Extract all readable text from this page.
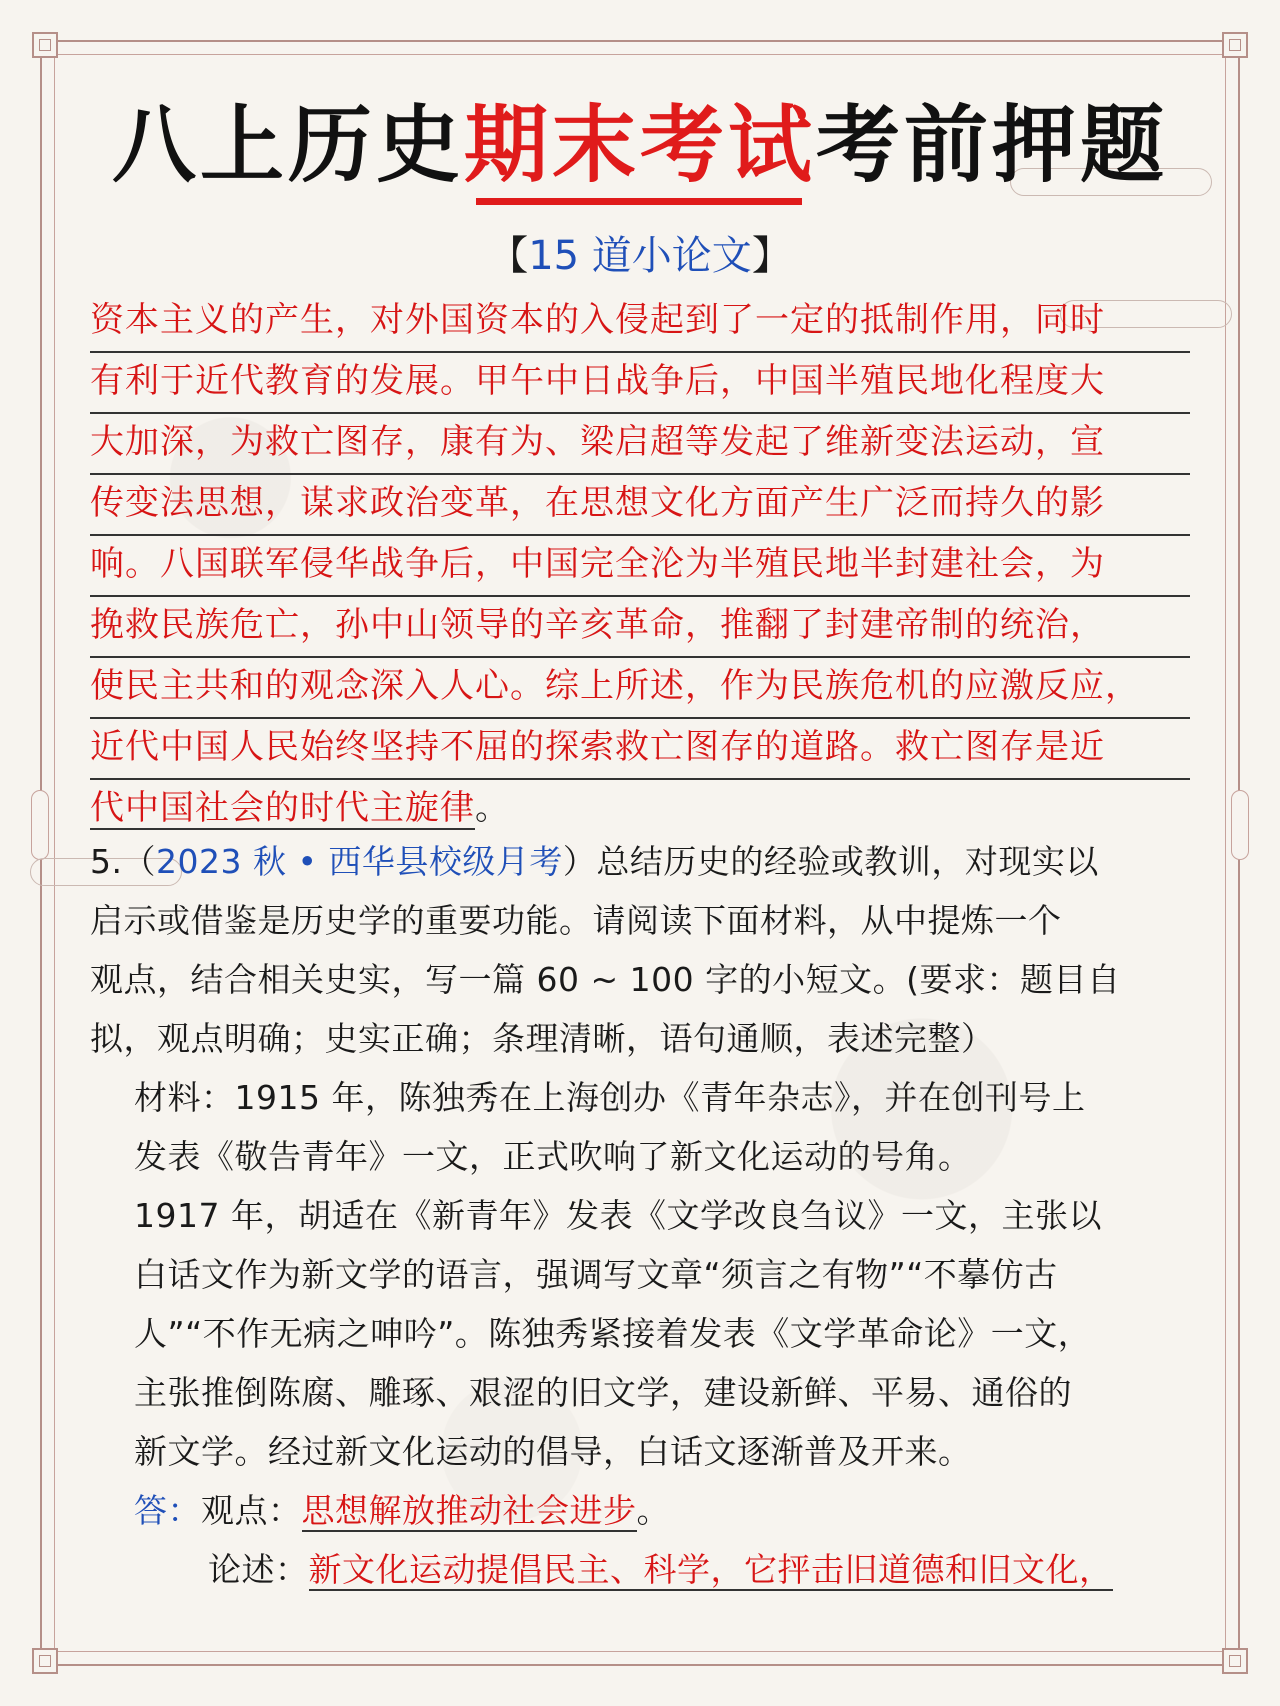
八上历史期末考试考前押题
【15 道小论文】
资本主义的产生，对外国资本的入侵起到了一定的抵制作用，同时
有利于近代教育的发展。甲午中日战争后，中国半殖民地化程度大
大加深，为救亡图存，康有为、梁启超等发起了维新变法运动，宣
传变法思想，谋求政治变革，在思想文化方面产生广泛而持久的影
响。八国联军侵华战争后，中国完全沦为半殖民地半封建社会，为
挽救民族危亡，孙中山领导的辛亥革命，推翻了封建帝制的统治，
使民主共和的观念深入人心。综上所述，作为民族危机的应激反应，
近代中国人民始终坚持不屈的探索救亡图存的道路。救亡图存是近
代中国社会的时代主旋律。
5.（2023 秋 • 西华县校级月考）总结历史的经验或教训，对现实以
启示或借鉴是历史学的重要功能。请阅读下面材料，从中提炼一个
观点，结合相关史实，写一篇 60 ~ 100 字的小短文。(要求：题目自
拟，观点明确；史实正确；条理清晰，语句通顺，表述完整）
材料：1915 年，陈独秀在上海创办《青年杂志》，并在创刊号上
发表《敬告青年》一文，正式吹响了新文化运动的号角。
1917 年，胡适在《新青年》发表《文学改良刍议》一文，主张以
白话文作为新文学的语言，强调写文章“须言之有物”“不摹仿古
人”“不作无病之呻吟”。陈独秀紧接着发表《文学革命论》一文，
主张推倒陈腐、雕琢、艰涩的旧文学，建设新鲜、平易、通俗的
新文学。经过新文化运动的倡导，白话文逐渐普及开来。
答：观点：思想解放推动社会进步。
论述：新文化运动提倡民主、科学，它抨击旧道德和旧文化，
